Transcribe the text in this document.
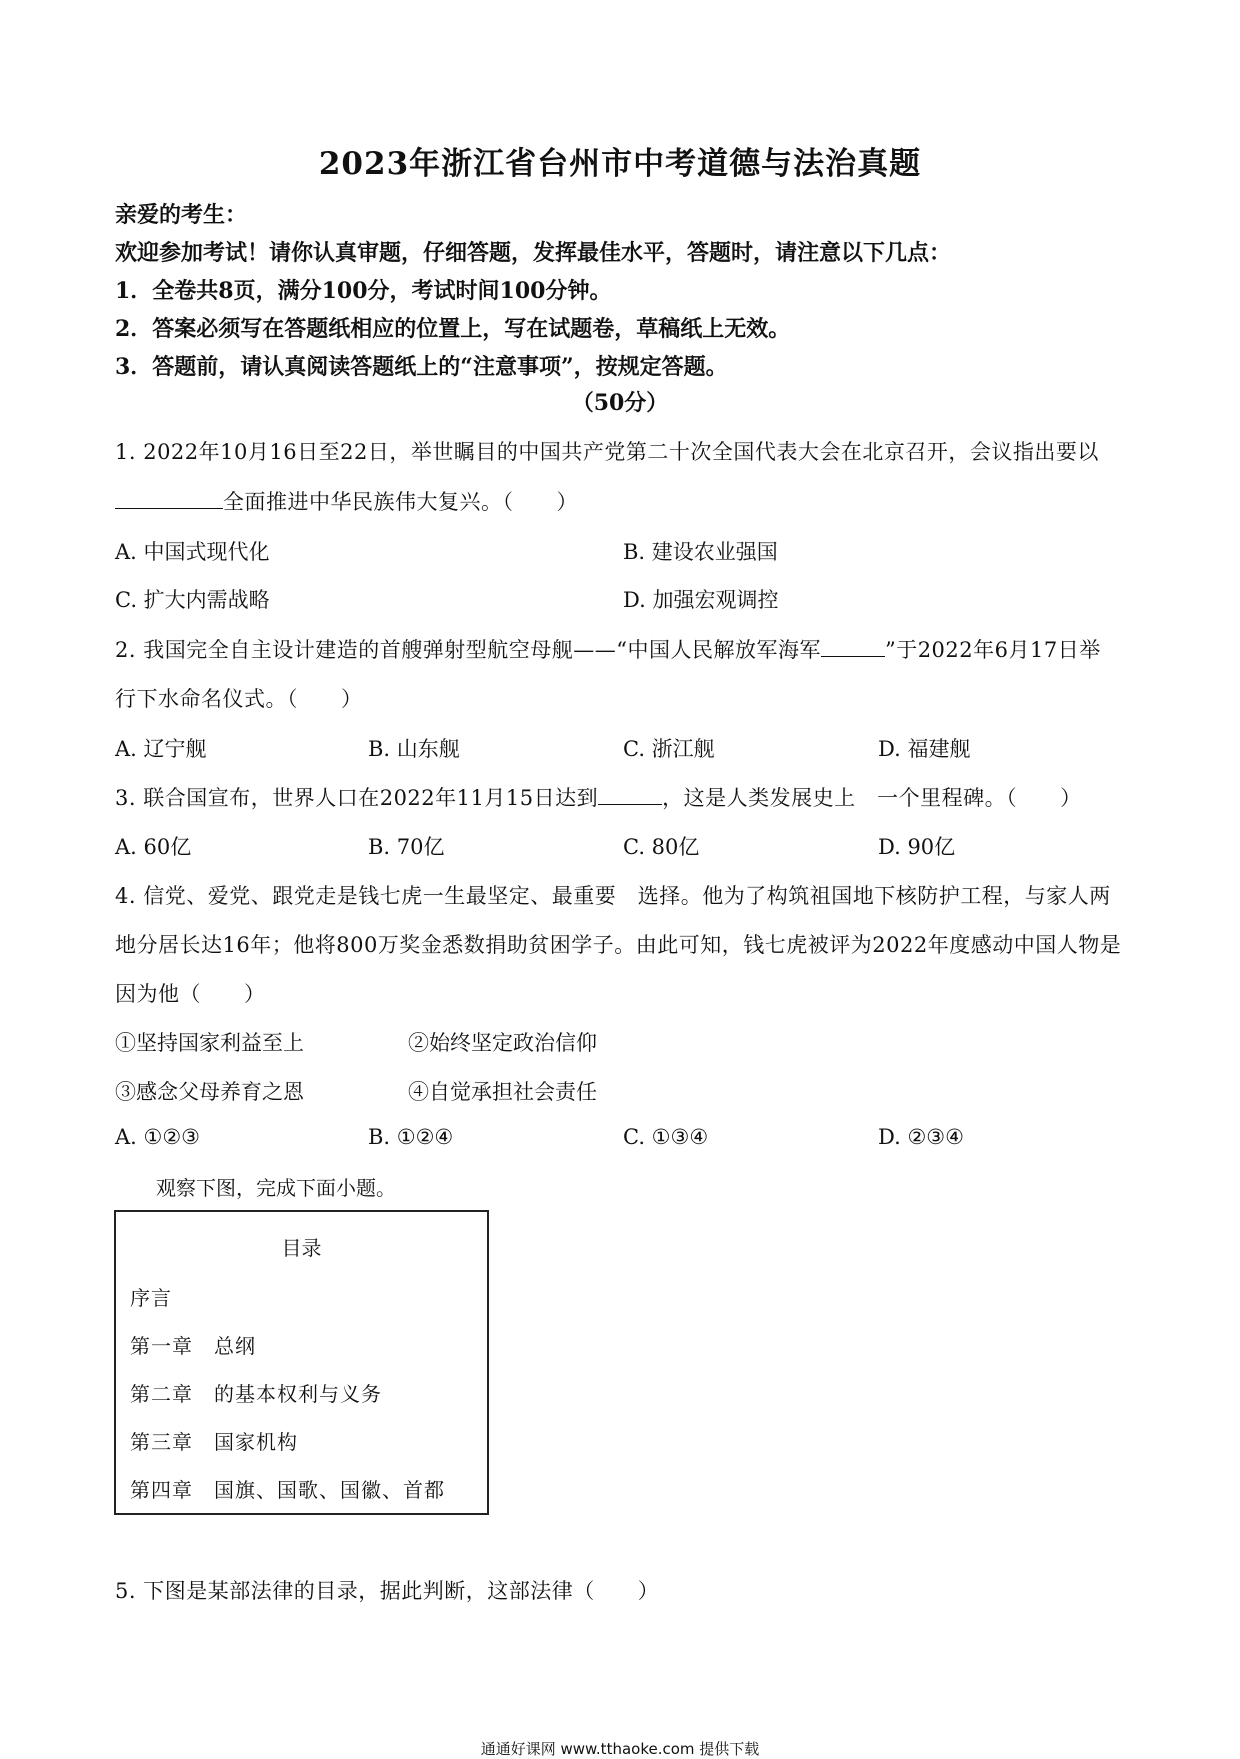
2023年浙江省台州市中考道德与法治真题
亲爱的考生：
欢迎参加考试！请你认真审题，仔细答题，发挥最佳水平，答题时，请注意以下几点：
1．全卷共8页，满分100分，考试时间100分钟。
2．答案必须写在答题纸相应的位置上，写在试题卷，草稿纸上无效。
3．答题前，请认真阅读答题纸上的“注意事项”，按规定答题。
（50分）
1. 2022年10月16日至22日，举世瞩目的中国共产党第二十次全国代表大会在北京召开，会议指出要以
全面推进中华民族伟大复兴。（　　）
A. 中国式现代化	B. 建设农业强国
C. 扩大内需战略	D. 加强宏观调控
2. 我国完全自主设计建造的首艘弹射型航空母舰——“中国人民解放军海军	”于2022年6月17日举
行下水命名仪式。（　　）
A. 辽宁舰	B. 山东舰	C. 浙江舰	D. 福建舰
3. 联合国宣布，世界人口在2022年11月15日达到	，这是人类发展史上　一个里程碑。（　　）
A. 60亿	B. 70亿	C. 80亿	D. 90亿
4. 信党、爱党、跟党走是钱七虎一生最坚定、最重要　选择。他为了构筑祖国地下核防护工程，与家人两
地分居长达16年；他将800万奖金悉数捐助贫困学子。由此可知，钱七虎被评为2022年度感动中国人物是
因为他（　　）
①坚持国家利益至上	②始终坚定政治信仰
③感念父母养育之恩	④自觉承担社会责任
A. ①②③	B. ①②④	C. ①③④	D. ②③④
观察下图，完成下面小题。
目录
序言
第一章　总纲
第二章　的基本权利与义务
第三章　国家机构
第四章　国旗、国歌、国徽、首都
5. 下图是某部法律的目录，据此判断，这部法律（　　）
通通好课网 www.tthaoke.com 提供下载
